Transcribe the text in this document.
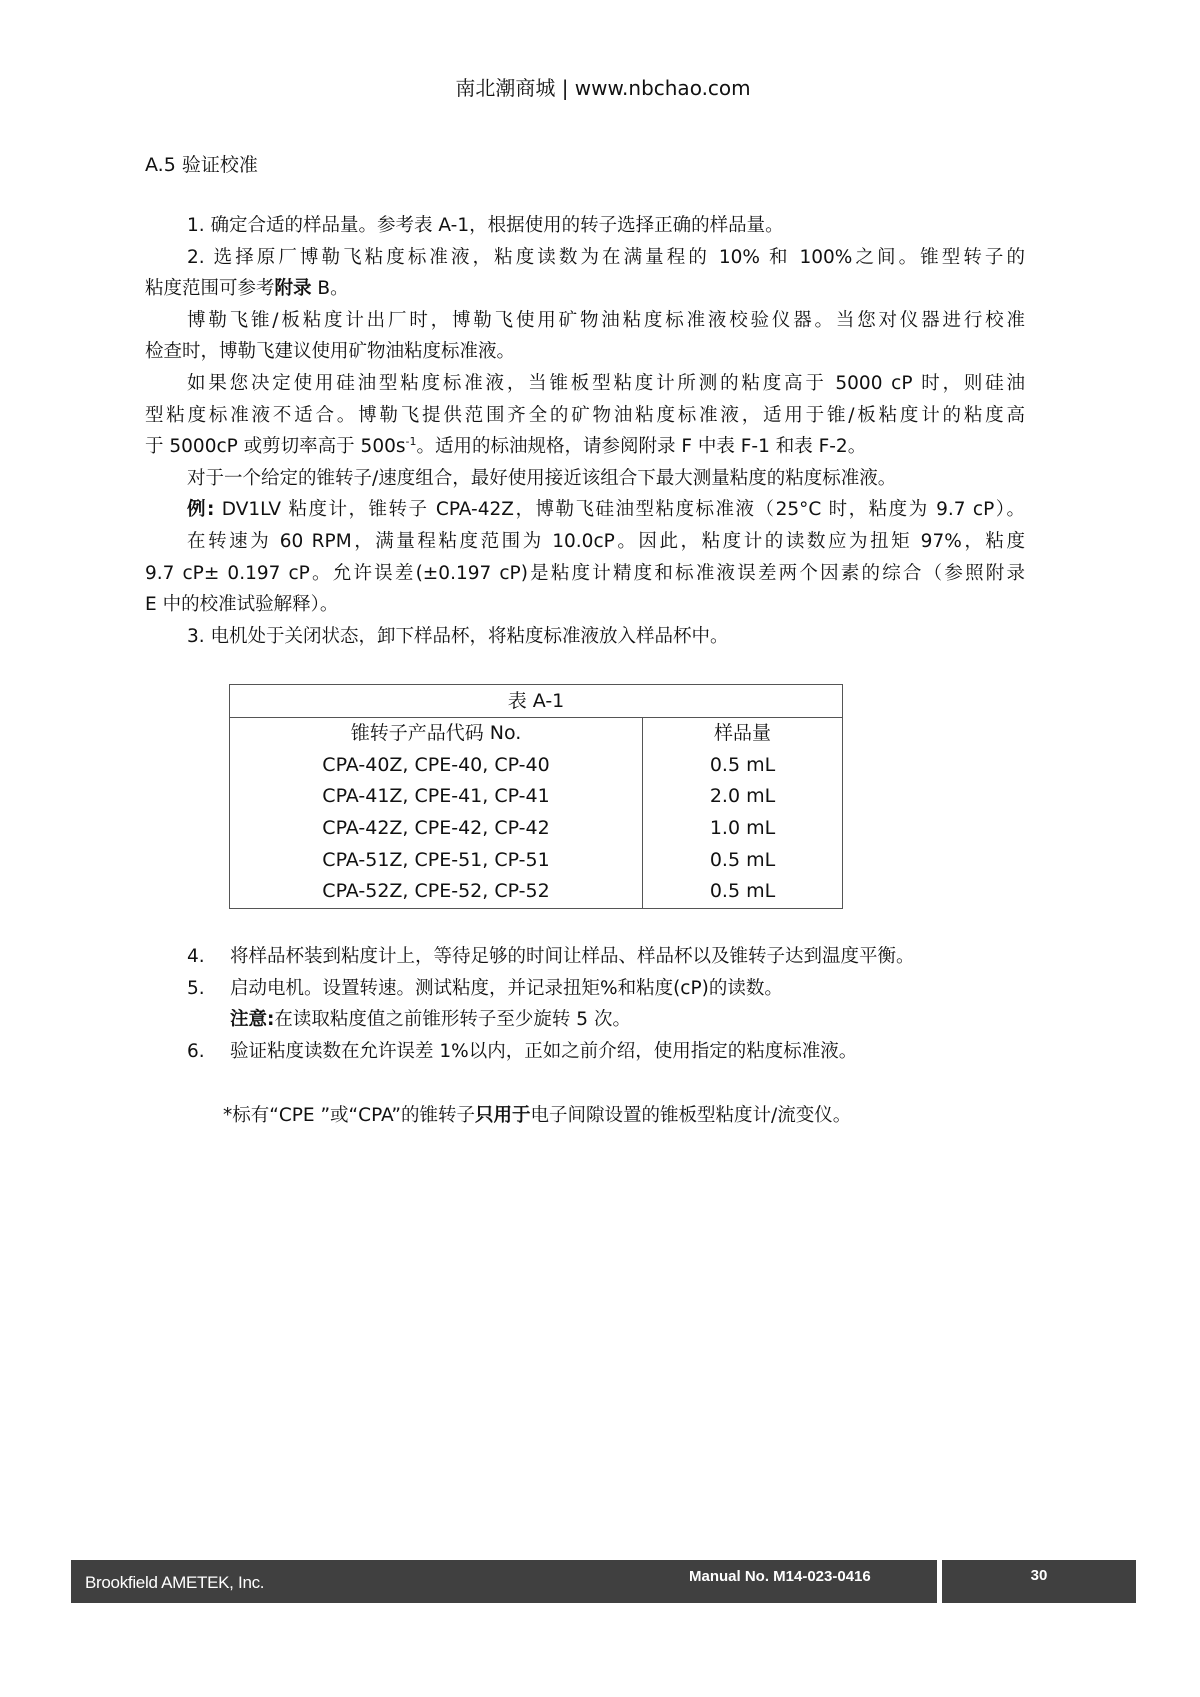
南北潮商城 | www.nbchao.com
A.5 验证校准
1. 确定合适的样品量。参考表 A-1，根据使用的转子选择正确的样品量。
2. 选择原厂博勒飞粘度标准液，粘度读数为在满量程的 10% 和 100%之间。锥型转子的
粘度范围可参考附录 B。
博勒飞锥/板粘度计出厂时，博勒飞使用矿物油粘度标准液校验仪器。当您对仪器进行校准
检查时，博勒飞建议使用矿物油粘度标准液。
如果您决定使用硅油型粘度标准液，当锥板型粘度计所测的粘度高于 5000 cP 时，则硅油
型粘度标准液不适合。博勒飞提供范围齐全的矿物油粘度标准液，适用于锥/板粘度计的粘度高
于 5000cP 或剪切率高于 $500s^{-1}$。适用的标油规格，请参阅附录 F 中表 F-1 和表 F-2。
对于一个给定的锥转子/速度组合，最好使用接近该组合下最大测量粘度的粘度标准液。
例: DV1LV 粘度计，锥转子 CPA-42Z，博勒飞硅油型粘度标准液（25°C 时，粘度为 9.7 cP）。
在转速为 60 RPM，满量程粘度范围为 10.0cP。因此，粘度计的读数应为扭矩 97%，粘度
9.7 cP± 0.197 cP。允许误差(±0.197 cP)是粘度计精度和标准液误差两个因素的综合（参照附录
E 中的校准试验解释）。
3. 电机处于关闭状态，卸下样品杯，将粘度标准液放入样品杯中。
表 A-1	
锥转子产品代码 No.	样品量
CPA-40Z, CPE-40, CP-40	0.5 mL
CPA-41Z, CPE-41, CP-41	2.0 mL
CPA-42Z, CPE-42, CP-42	1.0 mL
CPA-51Z, CPE-51, CP-51	0.5 mL
CPA-52Z, CPE-52, CP-52	0.5 mL
4. 将样品杯装到粘度计上，等待足够的时间让样品、样品杯以及锥转子达到温度平衡。
5. 启动电机。设置转速。测试粘度，并记录扭矩%和粘度(cP)的读数。
注意:在读取粘度值之前锥形转子至少旋转 5 次。
6. 验证粘度读数在允许误差 1%以内，正如之前介绍，使用指定的粘度标准液。
*标有“CPE ”或“CPA”的锥转子只用于电子间隙设置的锥板型粘度计/流变仪。
Brookfield AMETEK, Inc.	Manual No. M14-023-0416	30
